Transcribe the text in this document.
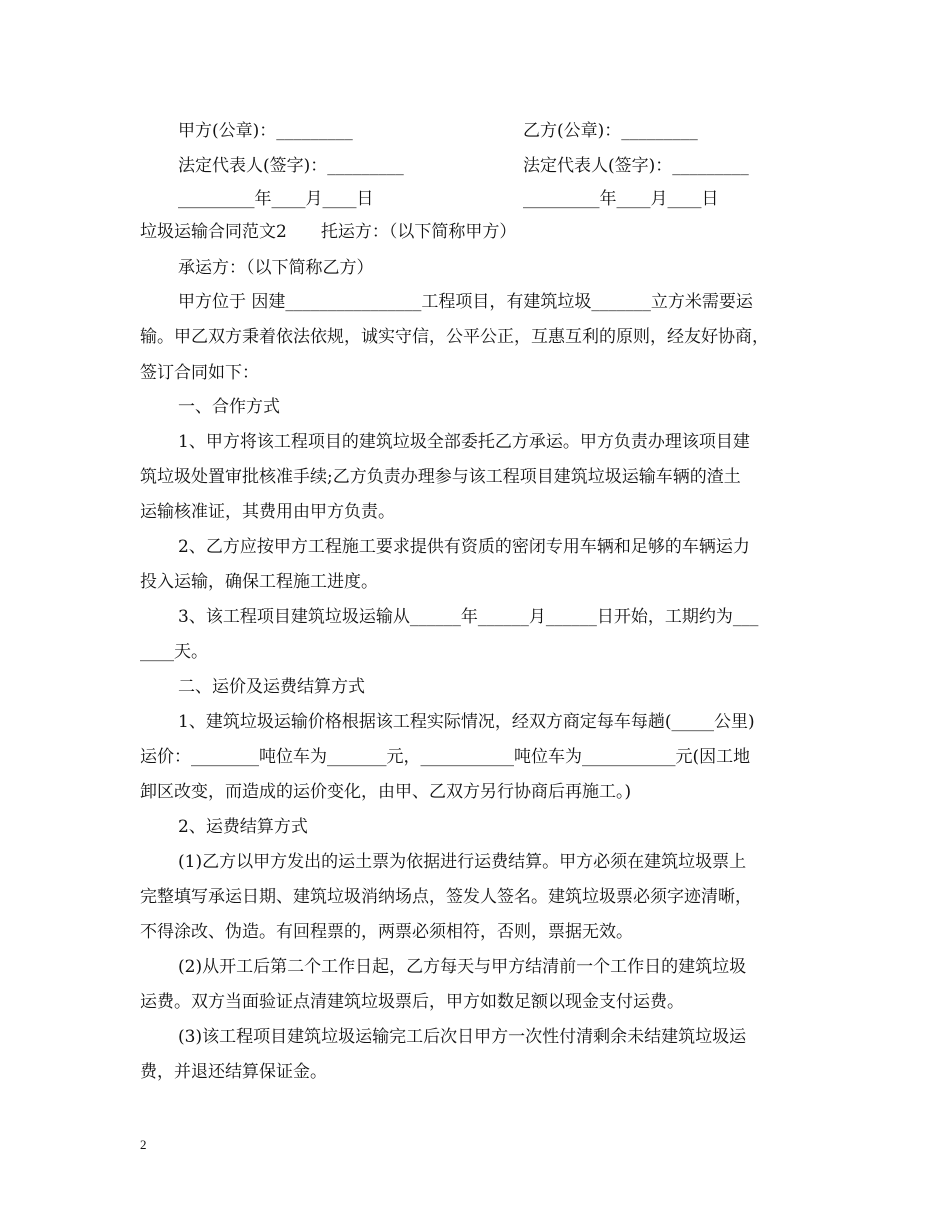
甲方(公章)：_________	乙方(公章)：_________
法定代表人(签字)：_________	法定代表人(签字)：_________
_________年____月____日	_________年____月____日
垃圾运输合同范文2　　托运方：（以下简称甲方）
承运方：（以下简称乙方）
甲方位于 因建________________工程项目，有建筑垃圾_______立方米需要运
输。甲乙双方秉着依法依规，诚实守信，公平公正，互惠互利的原则，经友好协商，
签订合同如下：
一、合作方式
1、甲方将该工程项目的建筑垃圾全部委托乙方承运。甲方负责办理该项目建
筑垃圾处置审批核准手续;乙方负责办理参与该工程项目建筑垃圾运输车辆的渣土
运输核准证，其费用由甲方负责。
2、乙方应按甲方工程施工要求提供有资质的密闭专用车辆和足够的车辆运力
投入运输，确保工程施工进度。
3、该工程项目建筑垃圾运输从______年______月______日开始，工期约为___
____天。
二、运价及运费结算方式
1、建筑垃圾运输价格根据该工程实际情况，经双方商定每车每趟(_____公里)
运价：________吨位车为_______元，___________吨位车为___________元(因工地
卸区改变，而造成的运价变化，由甲、乙双方另行协商后再施工。)
2、运费结算方式
(1)乙方以甲方发出的运土票为依据进行运费结算。甲方必须在建筑垃圾票上
完整填写承运日期、建筑垃圾消纳场点，签发人签名。建筑垃圾票必须字迹清晰，
不得涂改、伪造。有回程票的，两票必须相符，否则，票据无效。
(2)从开工后第二个工作日起，乙方每天与甲方结清前一个工作日的建筑垃圾
运费。双方当面验证点清建筑垃圾票后，甲方如数足额以现金支付运费。
(3)该工程项目建筑垃圾运输完工后次日甲方一次性付清剩余未结建筑垃圾运
费，并退还结算保证金。
2
